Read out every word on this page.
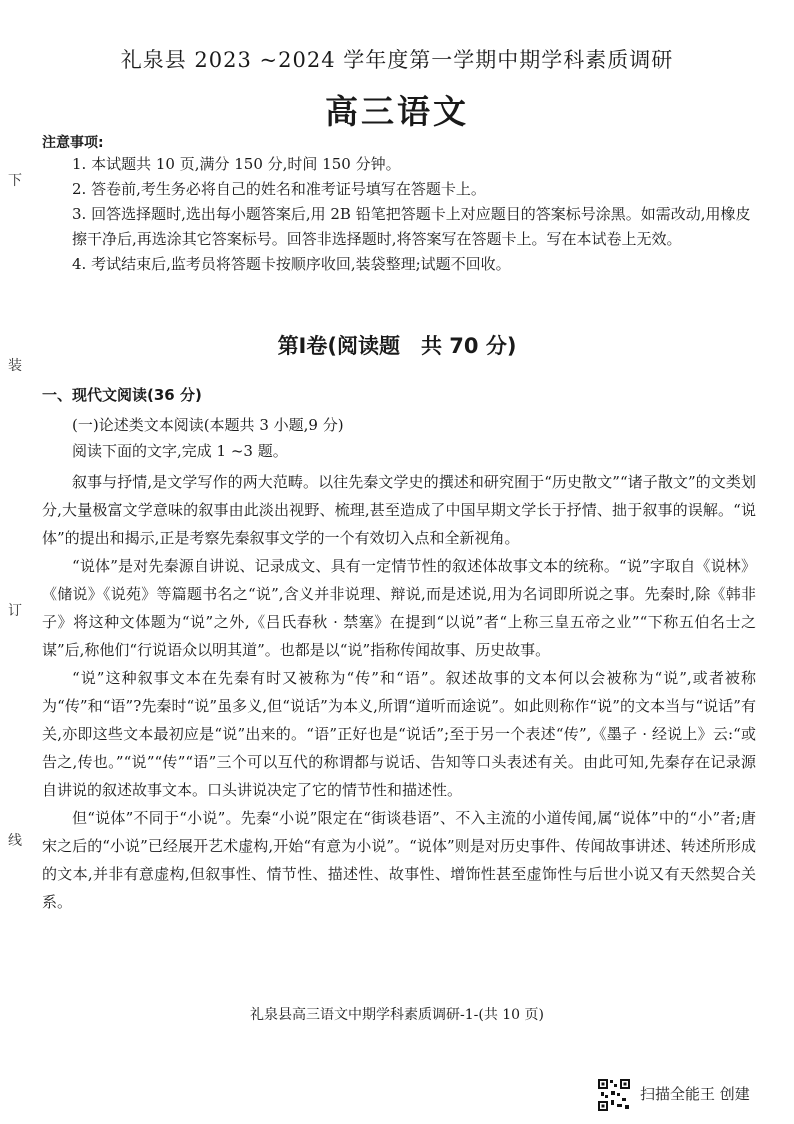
礼泉县 2023 ~2024 学年度第一学期中期学科素质调研
高三语文
注意事项:
1. 本试题共 10 页,满分 150 分,时间 150 分钟。
2. 答卷前,考生务必将自己的姓名和准考证号填写在答题卡上。
3. 回答选择题时,选出每小题答案后,用 2B 铅笔把答题卡上对应题目的答案标号涂黑。如需改动,用橡皮擦干净后,再选涂其它答案标号。回答非选择题时,将答案写在答题卡上。写在本试卷上无效。
4. 考试结束后,监考员将答题卡按顺序收回,装袋整理;试题不回收。
第Ⅰ卷(阅读题　共 70 分)
一、现代文阅读(36 分)
(一)论述类文本阅读(本题共 3 小题,9 分)
阅读下面的文字,完成 1 ~3 题。

叙事与抒情,是文学写作的两大范畴。以往先秦文学史的撰述和研究囿于“历史散文”“诸子散文”的文类划分,大量极富文学意味的叙事由此淡出视野、梳理,甚至造成了中国早期文学长于抒情、拙于叙事的误解。“说体”的提出和揭示,正是考察先秦叙事文学的一个有效切入点和全新视角。

“说体”是对先秦源自讲说、记录成文、具有一定情节性的叙述体故事文本的统称。“说”字取自《说林》《储说》《说苑》等篇题书名之“说”,含义并非说理、辩说,而是述说,用为名词即所说之事。先秦时,除《韩非子》将这种文体题为“说”之外,《吕氏春秋 · 禁塞》在提到“以说”者“上称三皇五帝之业”“下称五伯名士之谋”后,称他们“行说语众以明其道”。也都是以“说”指称传闻故事、历史故事。

“说”这种叙事文本在先秦有时又被称为“传”和“语”。叙述故事的文本何以会被称为“说”,或者被称为“传”和“语”?先秦时“说”虽多义,但“说话”为本义,所谓“道听而途说”。如此则称作“说”的文本当与“说话”有关,亦即这些文本最初应是“说”出来的。“语”正好也是“说话”;至于另一个表述“传”,《墨子 · 经说上》云:“或告之,传也。”“说”“传”“语”三个可以互代的称谓都与说话、告知等口头表述有关。由此可知,先秦存在记录源自讲说的叙述故事文本。口头讲说决定了它的情节性和描述性。

但“说体”不同于“小说”。先秦“小说”限定在“街谈巷语”、不入主流的小道传闻,属“说体”中的“小”者;唐宋之后的“小说”已经展开艺术虚构,开始“有意为小说”。“说体”则是对历史事件、传闻故事讲述、转述所形成的文本,并非有意虚构,但叙事性、情节性、描述性、故事性、增饰性甚至虚饰性与后世小说又有天然契合关系。

礼泉县高三语文中期学科素质调研-1-(共 10 页)
下
装
订
线
扫描全能王 创建
